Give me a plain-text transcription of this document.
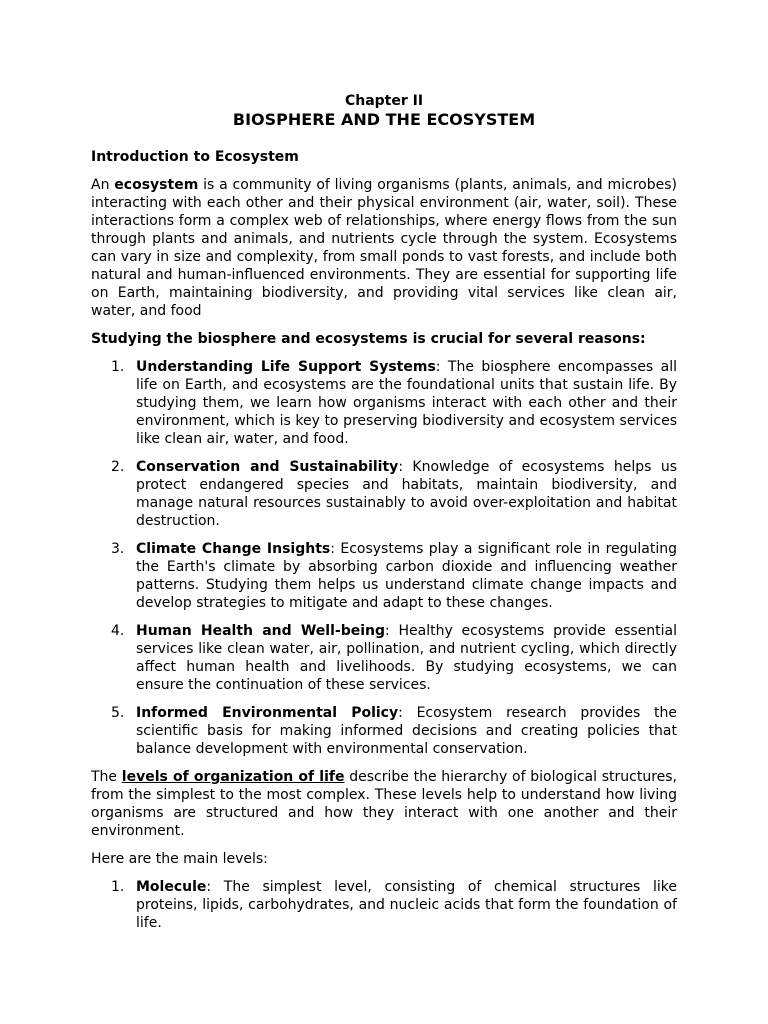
Chapter II

BIOSPHERE AND THE ECOSYSTEM

Introduction to Ecosystem

An ecosystem is a community of living organisms (plants, animals, and microbes) interacting with each other and their physical environment (air, water, soil). These interactions form a complex web of relationships, where energy flows from the sun through plants and animals, and nutrients cycle through the system. Ecosystems can vary in size and complexity, from small ponds to vast forests, and include both natural and human-influenced environments. They are essential for supporting life on Earth, maintaining biodiversity, and providing vital services like clean air, water, and food

Studying the biosphere and ecosystems is crucial for several reasons:

1. Understanding Life Support Systems: The biosphere encompasses all life on Earth, and ecosystems are the foundational units that sustain life. By studying them, we learn how organisms interact with each other and their environment, which is key to preserving biodiversity and ecosystem services like clean air, water, and food.
2. Conservation and Sustainability: Knowledge of ecosystems helps us protect endangered species and habitats, maintain biodiversity, and manage natural resources sustainably to avoid over-exploitation and habitat destruction.
3. Climate Change Insights: Ecosystems play a significant role in regulating the Earth's climate by absorbing carbon dioxide and influencing weather patterns. Studying them helps us understand climate change impacts and develop strategies to mitigate and adapt to these changes.
4. Human Health and Well-being: Healthy ecosystems provide essential services like clean water, air, pollination, and nutrient cycling, which directly affect human health and livelihoods. By studying ecosystems, we can ensure the continuation of these services.
5. Informed Environmental Policy: Ecosystem research provides the scientific basis for making informed decisions and creating policies that balance development with environmental conservation.

The levels of organization of life describe the hierarchy of biological structures, from the simplest to the most complex. These levels help to understand how living organisms are structured and how they interact with one another and their environment.

Here are the main levels:

1. Molecule: The simplest level, consisting of chemical structures like proteins, lipids, carbohydrates, and nucleic acids that form the foundation of life.
